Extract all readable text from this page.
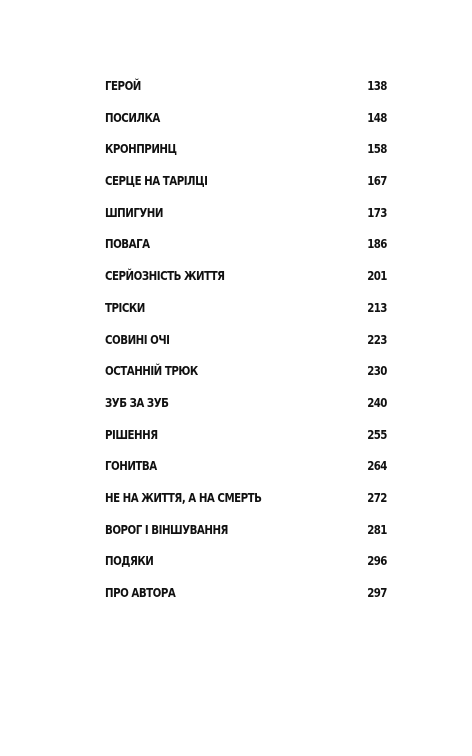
ГЕРОЙ	138
ПОСИЛКА	148
КРОНПРИНЦ	158
СЕРЦЕ НА ТАРІЛЦІ	167
ШПИГУНИ	173
ПОВАГА	186
СЕРЙОЗНІСТЬ ЖИТТЯ	201
ТРІСКИ	213
СОВИНІ ОЧІ	223
ОСТАННІЙ ТРЮК	230
ЗУБ ЗА ЗУБ	240
РІШЕННЯ	255
ГОНИТВА	264
НЕ НА ЖИТТЯ, А НА СМЕРТЬ	272
ВОРОГ І ВІНШУВАННЯ	281
ПОДЯКИ	296
ПРО АВТОРА	297
